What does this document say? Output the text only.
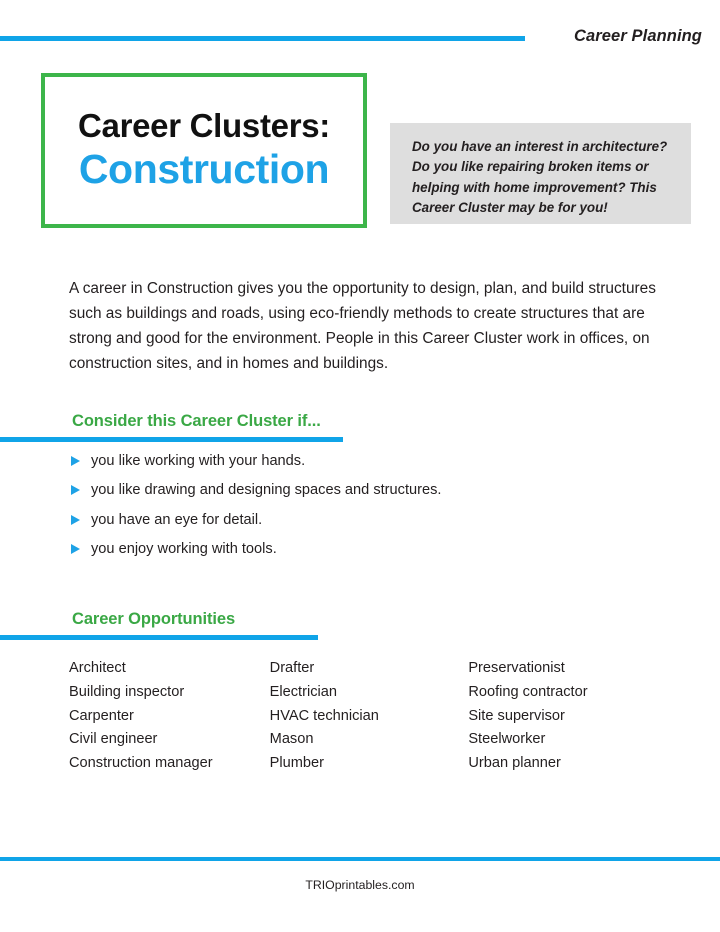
Career Planning
Career Clusters:
Construction	Do you have an interest in architecture? Do you like repairing broken items or helping with home improvement? This Career Cluster may be for you!
A career in Construction gives you the opportunity to design, plan, and build structures such as buildings and roads, using eco-friendly methods to create structures that are strong and good for the environment. People in this Career Cluster work in offices, on construction sites, and in homes and buildings.
Consider this Career Cluster if...
you like working with your hands.
you like drawing and designing spaces and structures.
you have an eye for detail.
you enjoy working with tools.
Career Opportunities
Architect
Building inspector
Carpenter
Civil engineer
Construction manager
Drafter
Electrician
HVAC technician
Mason
Plumber
Preservationist
Roofing contractor
Site supervisor
Steelworker
Urban planner
TRIOprintables.com
